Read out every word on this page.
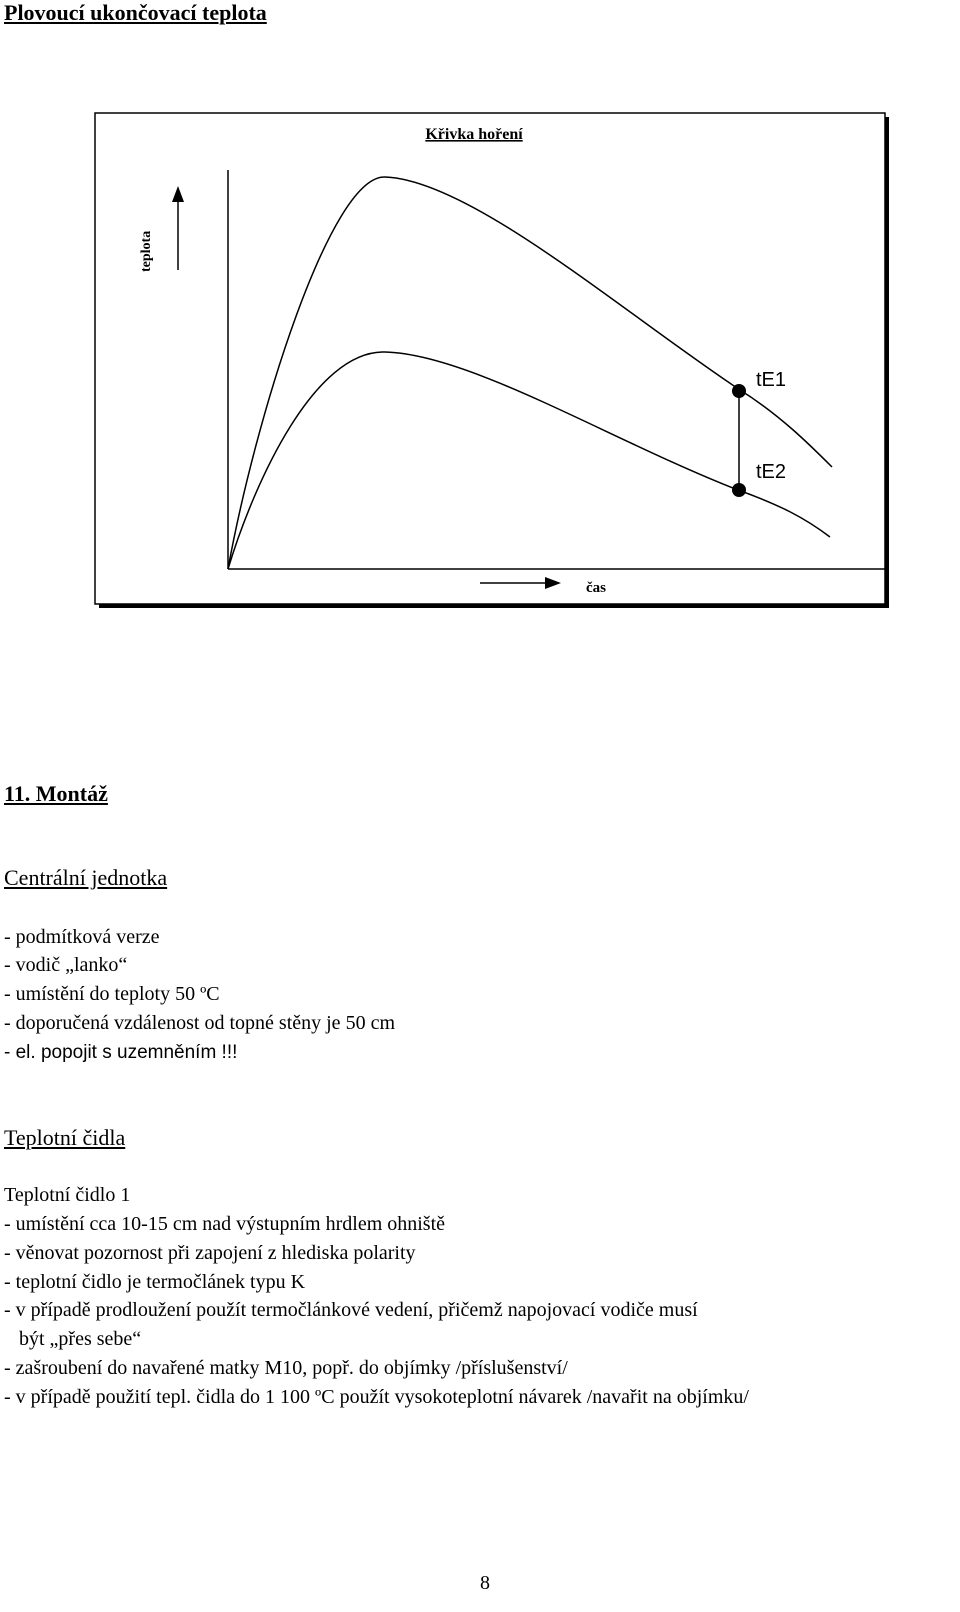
Plovoucí ukončovací teplota
Křivka hoření
teplota
tE1
tE2
čas
11. Montáž
Centrální jednotka
- podmítková verze
- vodič „lanko“
- umístění do teploty 50 ºC
- doporučená vzdálenost od topné stěny je 50 cm
- el. popojit s uzemněním !!!
Teplotní čidla
Teplotní čidlo 1
- umístění cca 10-15 cm nad výstupním hrdlem ohniště
- věnovat pozornost při zapojení z hlediska polarity
- teplotní čidlo je termočlánek typu K
- v případě prodloužení použít termočlánkové vedení, přičemž napojovací vodiče musí
být „přes sebe“
- zašroubení do navařené matky M10, popř. do objímky /příslušenství/
- v případě použití tepl. čidla do 1 100 ºC použít vysokoteplotní návarek /navařit na objímku/
8
